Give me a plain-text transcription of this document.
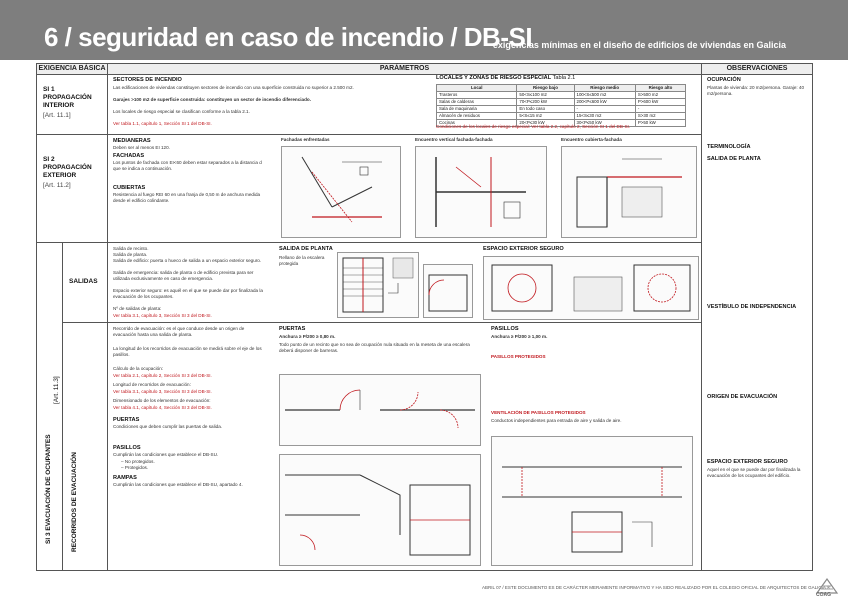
6 / seguridad en caso de incendio / DB-SI
exigencias mínimas en el diseño de edificios de viviendas en Galicia
EXIGENCIA BÁSICA	PARÁMETROS	OBSERVACIONES
SI 1 PROPAGACIÓN INTERIOR
[Art. 11.1]
SECTORES DE INCENDIO
Las edificaciones de viviendas constituyen sectores de incendio con una superficie construida no superior a 2.500 m2.
Garajes >100 m2 de superficie construida: constituyen un sector de incendio diferenciado.
Los locales de riesgo especial se clasifican conforme a la tabla 2.1.
Ver tabla 1.1, capítulo 1, Sección SI 1 del DB-SI.
LOCALES Y ZONAS DE RIESGO ESPECIAL Tabla 2.1
Local	Riesgo bajo	Riesgo medio	Riesgo alto
Trasteros	50<S≤100 m2	100<S≤500 m2	S>500 m2
Salas de calderas	70<P≤200 kW	200<P≤600 kW	P>600 kW
Sala de maquinaria	En todo caso	-	-
Almacén de residuos	5<S≤15 m2	15<S≤30 m2	S>30 m2
Cocinas	20<P≤30 kW	30<P≤50 kW	P>50 kW
Condiciones de los locales de riesgo especial: Ver tabla 2.2, capítulo 2, Sección SI 1 del DB-SI.
SI 2 PROPAGACIÓN EXTERIOR
[Art. 11.2]
MEDIANERAS
Deben ser al menos EI 120.
FACHADAS
Los puntos de fachada con EI<60 deben estar separados a la distancia d que se indica a continuación.
CUBIERTAS
Resistencia al fuego REI 60 en una franja de 0,50 m de anchura medida desde el edificio colindante.
Fachadas enfrentadas	Encuentro vertical fachada-fachada	Encuentro cubierta-fachada
SI 3 EVACUACIÓN DE OCUPANTES
[Art. 11.3]
SALIDAS
Salida de recinto.
Salida de planta.
Salida de edificio: puerta o hueco de salida a un espacio exterior seguro.
Salida de emergencia: salida de planta o de edificio prevista para ser utilizada exclusivamente en caso de emergencia.
Espacio exterior seguro: es aquél en el que se puede dar por finalizada la evacuación de los ocupantes.
Nº de salidas de planta:
Ver tabla 3.1, capítulo 3, Sección SI 3 del DB-SI.
SALIDA DE PLANTA
Rellano de la escalera protegida
ESPACIO EXTERIOR SEGURO
RECORRIDOS DE EVACUACIÓN
Recorrido de evacuación: es el que conduce desde un origen de evacuación hasta una salida de planta.
La longitud de los recorridos de evacuación se medirá sobre el eje de los pasillos.
Cálculo de la ocupación:
Ver tabla 2.1, capítulo 2, Sección SI 3 del DB-SI.
Longitud de recorridos de evacuación:
Ver tabla 3.1, capítulo 3, Sección SI 3 del DB-SI.
Dimensionado de los elementos de evacuación:
Ver tabla 4.1, capítulo 4, Sección SI 3 del DB-SI.
PUERTAS
Condiciones que deben cumplir las puertas de salida.
PASILLOS
Cumplirán las condiciones que establece el DB-SU.
– No protegidos.
– Protegidos.
RAMPAS
Cumplirán las condiciones que establece el DB-SU, apartado 4.
PUERTAS
Anchura ≥ P/200 ≥ 0,80 m.
Todo punto de un recinto que no sea de ocupación nula situado en la meseta de una escalera deberá disponer de barreras.
PASILLOS
Anchura ≥ P/200 ≥ 1,00 m.
PASILLOS PROTEGIDOS
VENTILACIÓN DE PASILLOS PROTEGIDOS
Conductos independientes para entrada de aire y salida de aire.
OCUPACIÓN
Plantas de vivienda: 20 m2/persona. Garaje: 40 m2/persona.
TERMINOLOGÍA
SALIDA DE PLANTA
VESTÍBULO DE INDEPENDENCIA
ORIGEN DE EVACUACIÓN
ESPACIO EXTERIOR SEGURO
Aquel en el que se puede dar por finalizada la evacuación de los ocupantes del edificio.
ABRIL 07 / ESTE DOCUMENTO ES DE CARÁCTER MERAMENTE INFORMATIVO Y HA SIDO REALIZADO POR EL COLEGIO OFICIAL DE ARQUITECTOS DE GALICIA ®
COAG
